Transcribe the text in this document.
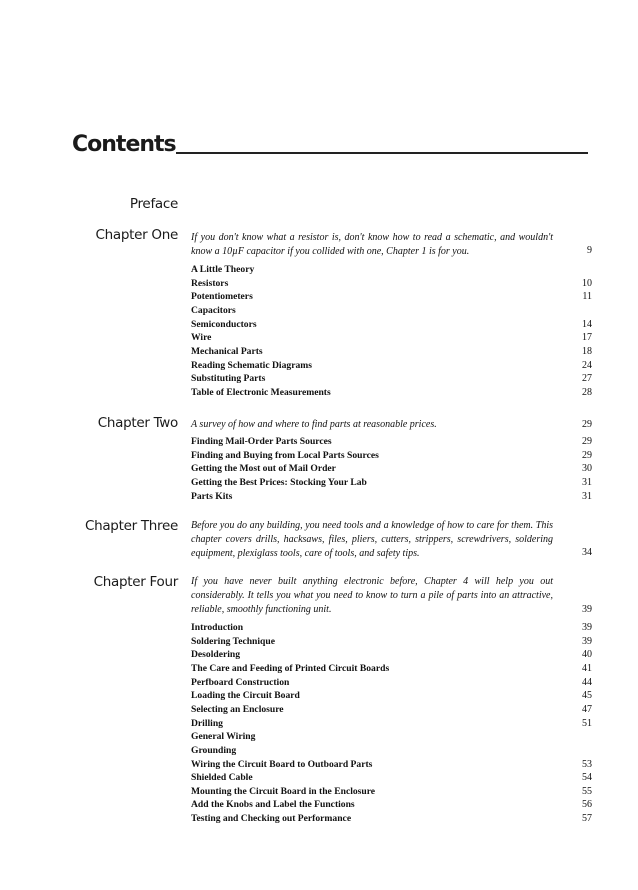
Contents
Preface
Chapter One If you don't know what a resistor is, don't know how to read a schematic, and wouldn't know a 10µF capacitor if you collided with one, Chapter 1 is for you.	9
A Little Theory
Resistors	10
Potentiometers	11
Capacitors
Semiconductors	14
Wire	17
Mechanical Parts	18
Reading Schematic Diagrams	24
Substituting Parts	27
Table of Electronic Measurements	28
Chapter Two A survey of how and where to find parts at reasonable prices.	29
Finding Mail-Order Parts Sources	29
Finding and Buying from Local Parts Sources	29
Getting the Most out of Mail Order	30
Getting the Best Prices: Stocking Your Lab	31
Parts Kits	31
Chapter Three Before you do any building, you need tools and a knowledge of how to care for them. This chapter covers drills, hacksaws, files, pliers, cutters, strippers, screwdrivers, soldering equipment, plexiglass tools, care of tools, and safety tips.	34
Chapter Four If you have never built anything electronic before, Chapter 4 will help you out considerably. It tells you what you need to know to turn a pile of parts into an attractive, reliable, smoothly functioning unit.	39
Introduction	39
Soldering Technique	39
Desoldering	40
The Care and Feeding of Printed Circuit Boards	41
Perfboard Construction	44
Loading the Circuit Board	45
Selecting an Enclosure	47
Drilling	51
General Wiring
Grounding
Wiring the Circuit Board to Outboard Parts	53
Shielded Cable	54
Mounting the Circuit Board in the Enclosure	55
Add the Knobs and Label the Functions	56
Testing and Checking out Performance	57
